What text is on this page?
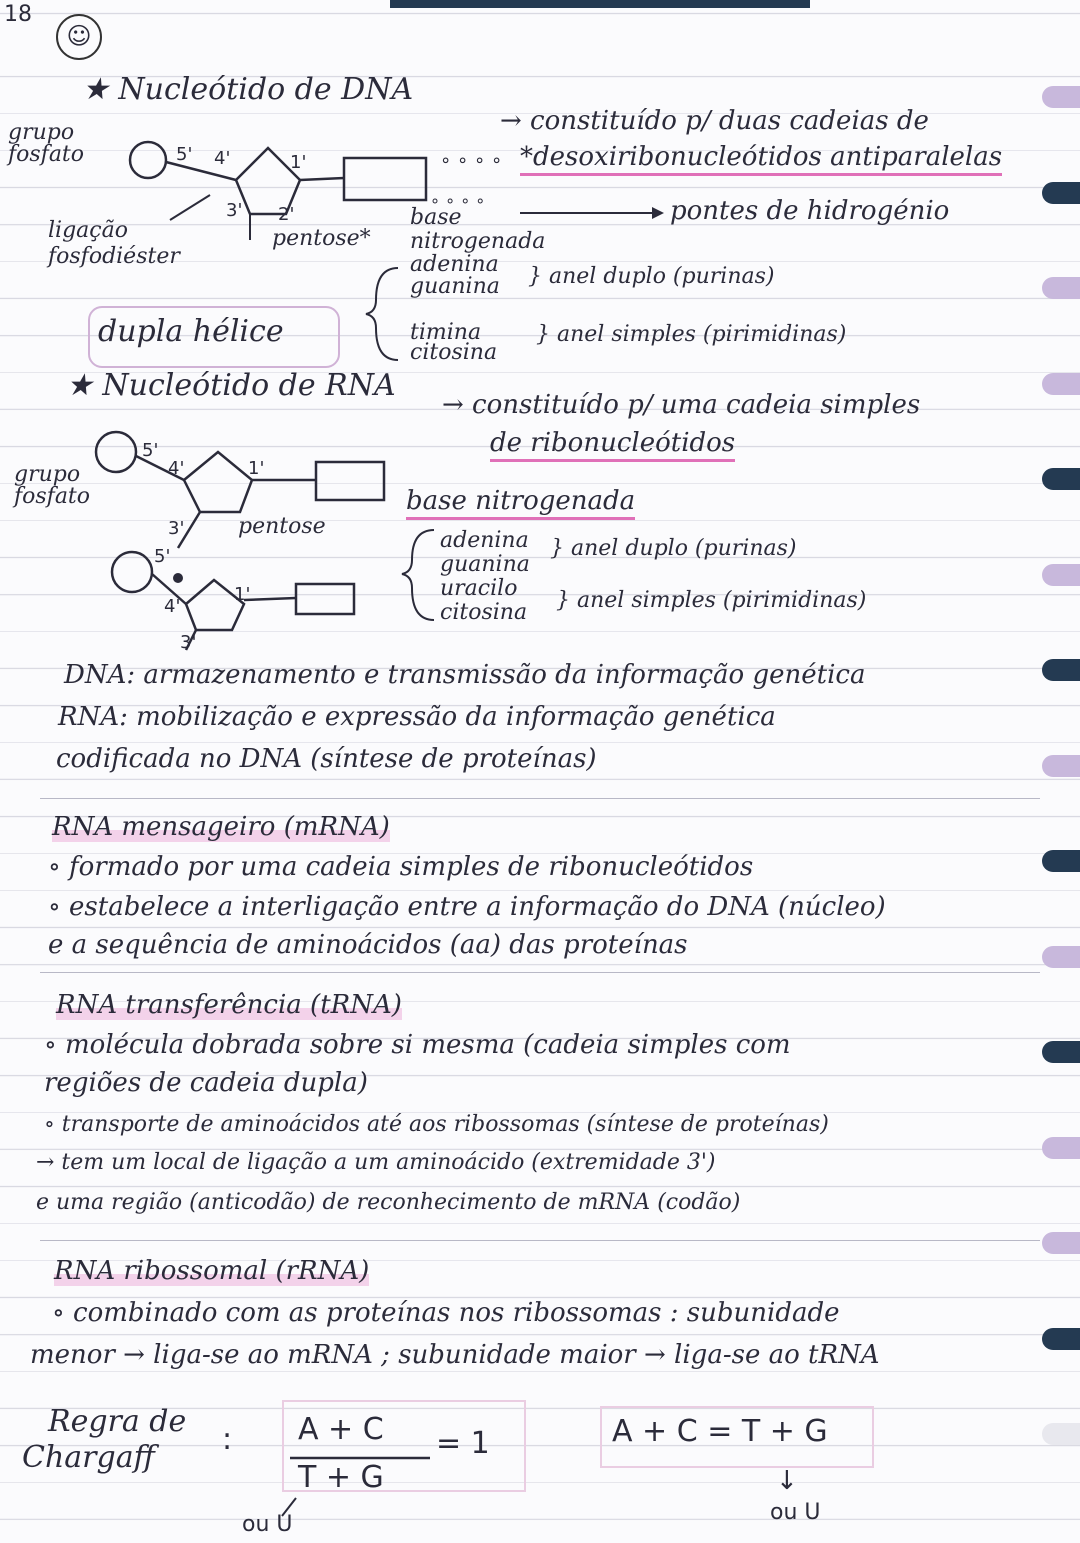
18
☺
★ Nucleótido de DNA
→ constituído p/ duas cadeias de
*desoxiribonucleótidos antiparalelas
grupo fosfato	∘ ∘ ∘ ∘
∘ ∘ ∘ ∘
5' 4'	1'
3' 2'
ligação fosfodiéster
pentose*
base nitrogenada
pontes de hidrogénio
adenina
guanina
timina
citosina
} anel duplo (purinas)
} anel simples (pirimidinas)
dupla hélice
★ Nucleótido de RNA
→ constituído p/ uma cadeia simples
de ribonucleótidos
grupo fosfato
5'
4'	1'
3' pentose
5'
4'
1'
3'
base nitrogenada
adenina
guanina
uracilo
citosina
} anel duplo (purinas)
} anel simples (pirimidinas)
DNA: armazenamento e transmissão da informação genética
RNA: mobilização e expressão da informação genética
codificada no DNA (síntese de proteínas)
RNA mensageiro (mRNA)
∘ formado por uma cadeia simples de ribonucleótidos
∘ estabelece a interligação entre a informação do DNA (núcleo)
e a sequência de aminoácidos (aa) das proteínas
RNA transferência (tRNA)
∘ molécula dobrada sobre si mesma (cadeia simples com
regiões de cadeia dupla)
∘ transporte de aminoácidos até aos ribossomas (síntese de proteínas)
→ tem um local de ligação a um aminoácido (extremidade 3')
e uma região (anticodão) de reconhecimento de mRNA (codão)
RNA ribossomal (rRNA)
∘ combinado com as proteínas nos ribossomas : subunidade
menor → liga-se ao mRNA ; subunidade maior → liga-se ao tRNA
Regra de
Chargaff
: A + C = 1
T + G
ou U
A + C = T + G
↓
ou U
